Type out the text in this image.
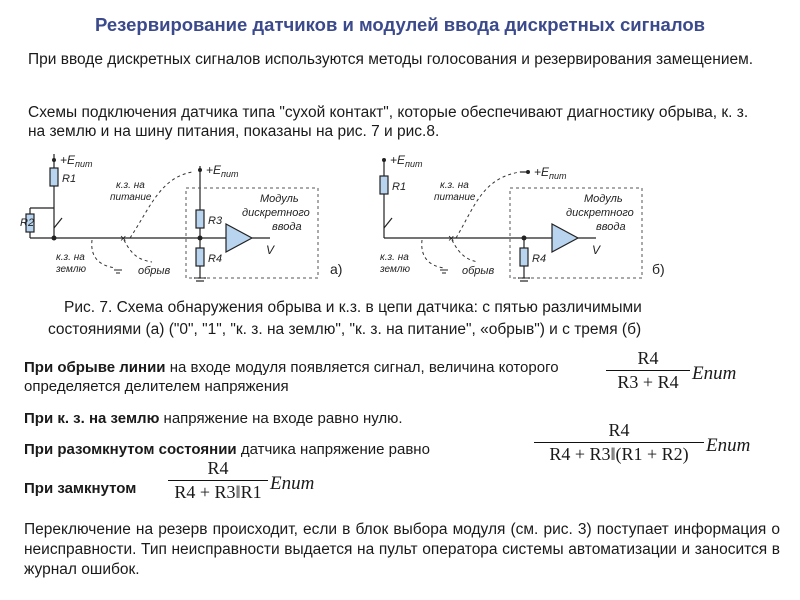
Резервирование датчиков и модулей ввода дискретных сигналов
При вводе дискретных сигналов используются методы голосования и резервирования замещением.
Схемы подключения датчика типа "сухой контакт", которые обеспечивают диагностику обрыва, к. з. на землю и на шину питания, показаны на рис. 7 и рис.8.
×
$+E_{пит}$	$+E_{пит}$
R1
R2	R3
R4
к.з. на
питание
к.з. на
землю	обрыв
Модуль
дискретного
ввода
V
а)
×
$+E_{пит}$
$+E_{пит}$
R1
R4
к.з. на
питание
к.з. на
землю	обрыв
Модуль
дискретного
ввода
V
б)
Рис. 7. Схема обнаружения обрыва и к.з. в цепи датчика: с пятью различимыми
состояниями (а) ("0", "1", "к. з. на землю", "к. з. на питание", «обрыв") и с тремя (б)
При обрыве линии на входе модуля появляется сигнал, величина которого определяется делителем напряжения
R4
R3 + R4 Eпит
При к. з. на землю напряжение на входе равно нулю.
При разомкнутом состоянии датчика напряжение равно
R4
R4 + R3‖(R1 + R2) Eпит
При замкнутом
R4
R4 + R3‖R1 Eпит
Переключение на резерв происходит, если в блок выбора модуля (см. рис. 3) поступает информация о неисправности. Тип неисправности выдается на пульт оператора системы автоматизации и заносится в журнал ошибок.
